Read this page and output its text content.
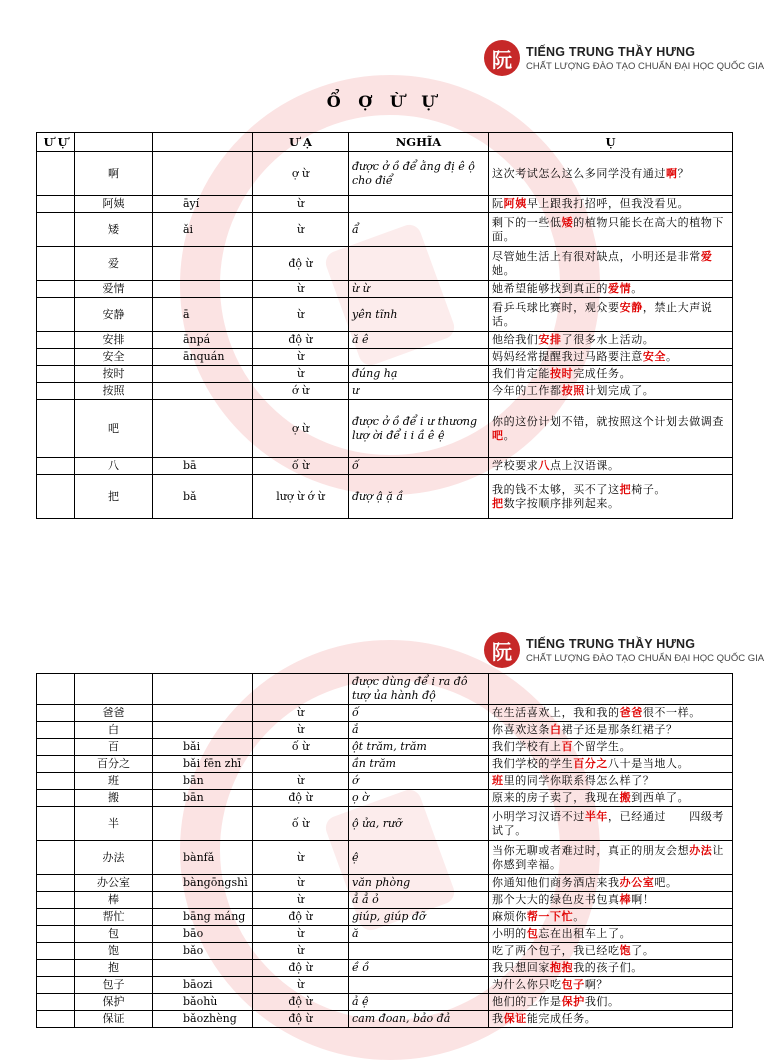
阮	TIẾNG TRUNG THẦY HƯNG
CHẤT LƯỢNG ĐÀO TẠO CHUẨN ĐẠI HỌC QUỐC GIA
Ổ Ợ Ừ Ự
Ư Ự			Ư Ạ	NGHĨA	Ụ
	啊		ợ ừ	được ở ồ để ằng đị ê ộ cho điể	这次考试怎么这么多同学没有通过啊？
	阿姨	āyí	ừ		阮阿姨早上跟我打招呼，但我没看见。
	矮	ǎi	ừ	ẩ	剩下的一些低矮的植物只能长在高大的植物下面。
	爱		độ ừ		尽管她生活上有很对缺点，小明还是非常爱她。
	爱情		ừ	ừ ừ	她希望能够找到真正的爱情。
	安静	ā	ừ	yên tĩnh	看乒乓球比赛时，观众要安静，禁止大声说话。
	安排	ānpá	độ ừ	ă ê	他给我们安排了很多水上活动。
	安全	ānquán	ừ		妈妈经常提醒我过马路要注意安全。
	按时		ừ	đúng hạ	我们肯定能按时完成任务。
	按照		ớ ừ	ư	今年的工作都按照计划完成了。
	吧		ợ ừ	được ở ồ để i ư thương lượ ời để i i ầ ê ệ	你的这份计划不错，就按照这个计划去做调查吧。
	八	bā	ố ừ	ố	学校要求八点上汉语课。
	把	bǎ	lượ ừ ớ ừ	đượ ậ ặ ầ	我的钱不太够，买不了这把椅子。
把数字按顺序排列起来。
阮	TIẾNG TRUNG THẦY HƯNG
CHẤT LƯỢNG ĐÀO TẠO CHUẨN ĐẠI HỌC QUỐC GIA
				được dùng để i ra đô tượ ủa hành độ	
	爸爸		ừ	ố	在生活喜欢上，我和我的爸爸很不一样。
	白		ừ	ắ	你喜欢这条白裙子还是那条红裙子？
	百	bǎi	ố ừ	ột trăm, trăm	我们学校有上百个留学生。
	百分之	bǎi fēn zhī		ần trăm	我们学校的学生百分之八十是当地人。
	班	bān	ừ	ớ	班里的同学你联系得怎么样了？
	搬	bān	độ ừ	ọ ờ	原来的房子卖了，我现在搬到西单了。
	半		ố ừ	ộ ửa, rưỡ	小明学习汉语不过半年，已经通过　　四级考试了。
	办法	bànfǎ	ừ	ệ	当你无聊或者难过时，真正的朋友会想办法让你感到幸福。
	办公室	bàngōngshì	ừ	văn phòng	你通知他们商务酒店来我办公室吧。
	棒		ừ	ẳ ẳ ỏ	那个大大的绿色皮书包真棒啊！
	帮忙	bāng máng	độ ừ	giúp, giúp đỡ	麻烦你帮一下忙。
	包	bāo	ừ	ă	小明的包忘在出租车上了。
	饱	bǎo	ừ		吃了两个包子，我已经吃饱了。
	抱		độ ừ	ề ồ	我只想回家抱抱我的孩子们。
	包子	bāozi	ừ		为什么你只吃包子啊？
	保护	bǎohù	độ ừ	ả ệ	他们的工作是保护我们。
	保证	bǎozhèng	độ ừ	cam đoan, bảo đả	我保证能完成任务。
